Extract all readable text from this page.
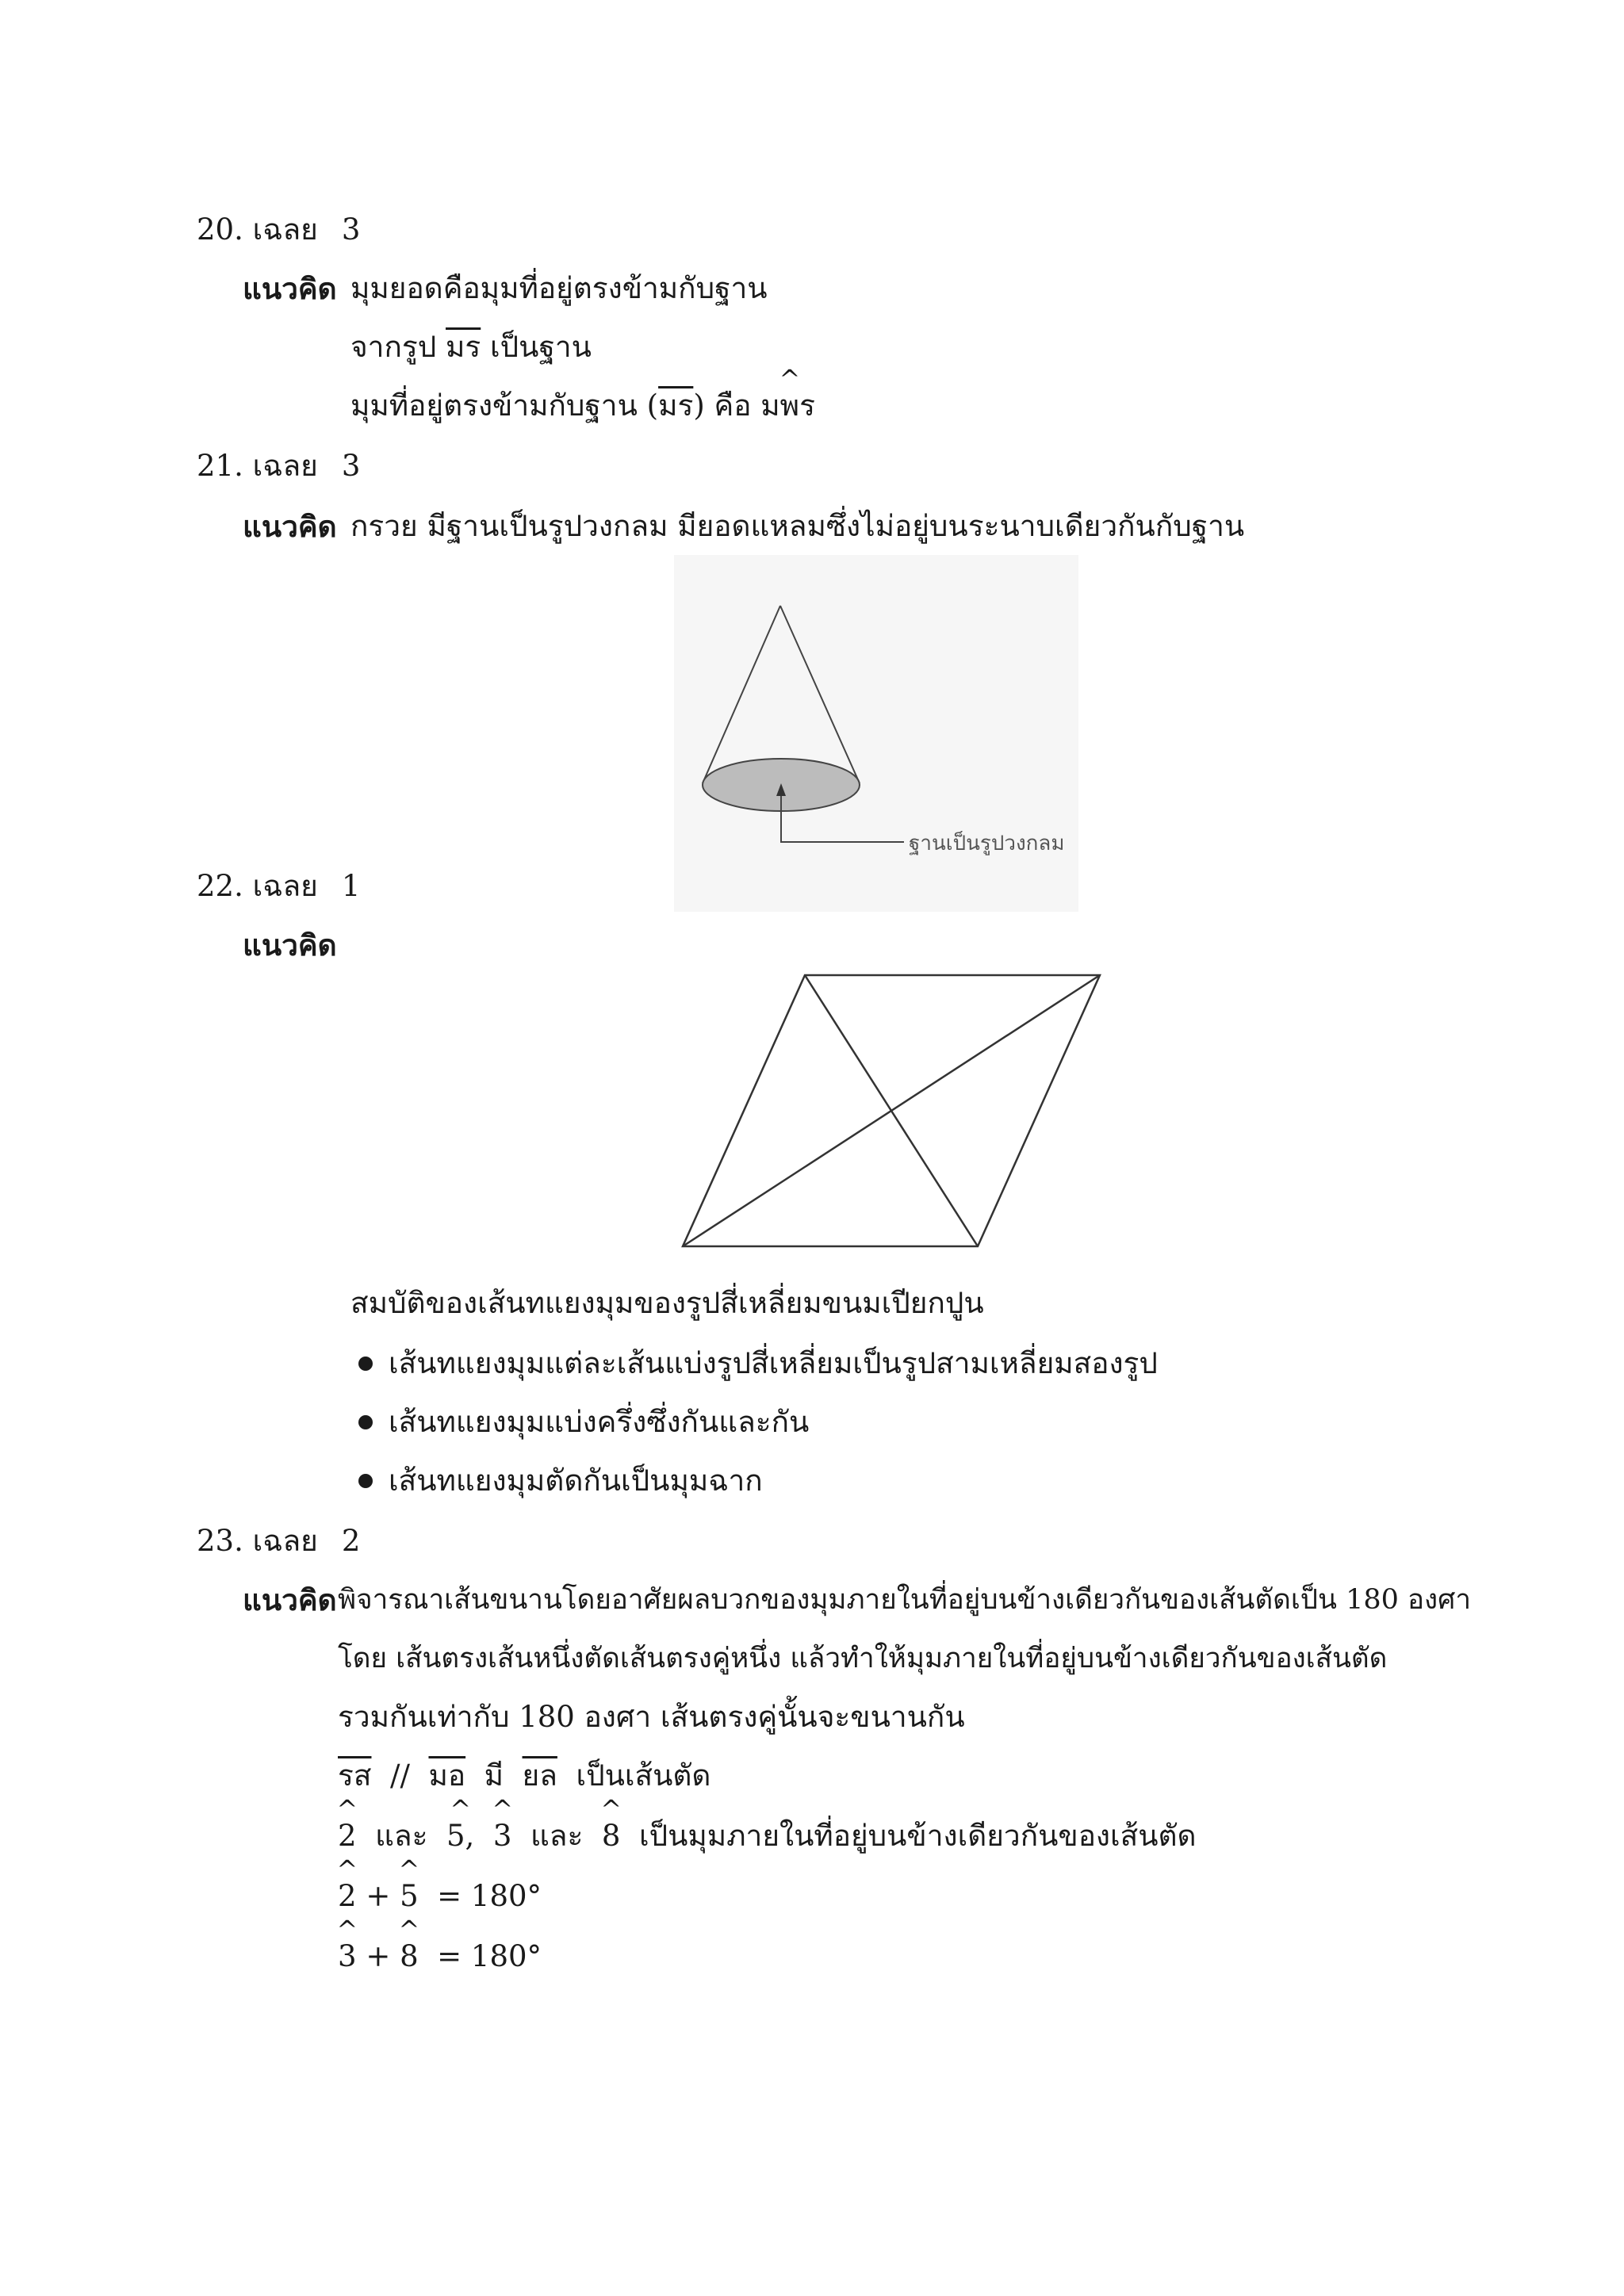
20. เฉลย 3
แนวคิด มุมยอดคือมุมที่อยู่ตรงข้ามกับฐาน
จากรูป มร เป็นฐาน
มุมที่อยู่ตรงข้ามกับฐาน (มร) คือ ม^ พร
21. เฉลย 3
แนวคิด กรวย มีฐานเป็นรูปวงกลม มียอดแหลมซึ่งไม่อยู่บนระนาบเดียวกันกับฐาน
ฐานเป็นรูปวงกลม
22. เฉลย 1
แนวคิด
สมบัติของเส้นทแยงมุมของรูปสี่เหลี่ยมขนมเปียกปูน
เส้นทแยงมุมแต่ละเส้นแบ่งรูปสี่เหลี่ยมเป็นรูปสามเหลี่ยมสองรูป
เส้นทแยงมุมแบ่งครึ่งซึ่งกันและกัน
เส้นทแยงมุมตัดกันเป็นมุมฉาก
23. เฉลย 2
แนวคิด พิจารณาเส้นขนานโดยอาศัยผลบวกของมุมภายในที่อยู่บนข้างเดียวกันของเส้นตัดเป็น 180 องศา
โดย เส้นตรงเส้นหนึ่งตัดเส้นตรงคู่หนึ่ง แล้วทำให้มุมภายในที่อยู่บนข้างเดียวกันของเส้นตัด
รวมกันเท่ากับ 180 องศา เส้นตรงคู่นั้นจะขนานกัน
รส // มอ มี ยล เป็นเส้นตัด
^ 2 และ ^ 5, ^ 3 และ ^ 8 เป็นมุมภายในที่อยู่บนข้างเดียวกันของเส้นตัด
^ 2 + ^ 5 = 180°
^ 3 + ^ 8 = 180°
